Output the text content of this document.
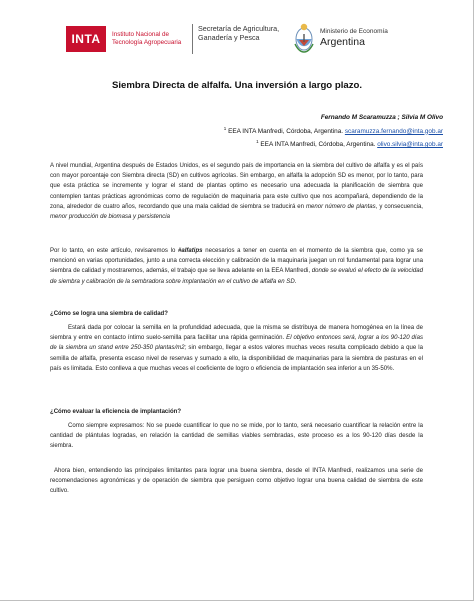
INTA	Instituto Nacional de
Tecnología Agropecuaria
Secretaría de Agricultura,
Ganadería y Pesca
Ministerio de Economía
Argentina
Siembra Directa de alfalfa. Una inversión a largo plazo.
Fernando M Scaramuzza ; Silvia M Olivo
$^1$ EEA INTA Manfredi, Córdoba, Argentina. scaramuzza.fernando@inta.gob.ar
$^1$ EEA INTA Manfredi, Córdoba, Argentina. olivo.silvia@inta.gob.ar
A nivel mundial, Argentina después de Estados Unidos, es el segundo país de importancia en la siembra del cultivo de alfalfa y es el país con mayor porcentaje con Siembra directa (SD) en cultivos agrícolas. Sin embargo, en alfalfa la adopción SD es menor, por lo tanto, para que esta práctica se incremente y lograr el stand de plantas optimo es necesario una adecuada la planificación de siembra que contemplen tantas prácticas agronómicas como de regulación de maquinaria para este cultivo que nos acompañará, dependiendo de la zona, alrededor de cuatro años, recordando que una mala calidad de siembra se traducirá en menor número de plantas, y consecuencia, menor producción de biomasa y persistencia
Por lo tanto, en este artículo, revisaremos lo #alfatips necesarios a tener en cuenta en el momento de la siembra que, como ya se mencionó en varias oportunidades, junto a una correcta elección y calibración de la maquinaria juegan un rol fundamental para lograr una siembra de calidad y mostraremos, además, el trabajo que se lleva adelante en la EEA Manfredi, donde se evaluó el efecto de la velocidad de siembra y calibración de la sembradora sobre implantación en el cultivo de alfalfa en SD.
¿Cómo se logra una siembra de calidad?
Estará dada por colocar la semilla en la profundidad adecuada, que la misma se distribuya de manera homogénea en la línea de siembra y entre en contacto íntimo suelo-semilla para facilitar una rápida germinación. El objetivo entonces será, lograr a los 90-120 días de la siembra un stand entre 250-350 plantas/m2; sin embargo, llegar a estos valores muchas veces resulta complicado debido a que la semilla de alfalfa, presenta escaso nivel de reservas y sumado a ello, la disponibilidad de maquinarias para la siembra de pasturas en el país es limitada. Esto conlleva a que muchas veces el coeficiente de logro o eficiencia de implantación sea inferior a un 35-50%.
¿Cómo evaluar la eficiencia de implantación?
Como siempre expresamos: No se puede cuantificar lo que no se mide, por lo tanto, será necesario cuantificar la relación entre la cantidad de plántulas logradas, en relación la cantidad de semillas viables sembradas, este proceso es a los 90-120 días desde la siembra.
Ahora bien, entendiendo las principales limitantes para lograr una buena siembra, desde el INTA Manfredi, realizamos una serie de recomendaciones agronómicas y de operación de siembra que persiguen como objetivo lograr una buena calidad de siembra de este cultivo.
